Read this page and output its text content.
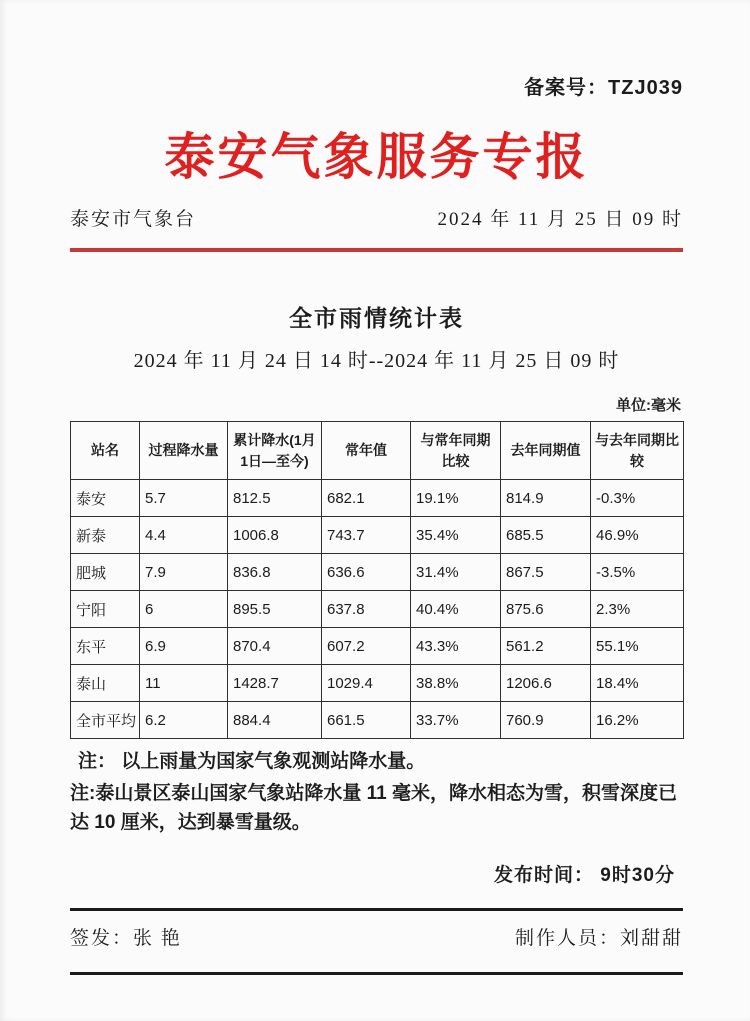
备案号：TZJ039
泰安气象服务专报
泰安市气象台	2024 年 11 月 25 日 09 时
全市雨情统计表
2024 年 11 月 24 日 14 时--2024 年 11 月 25 日 09 时
单位:毫米
站名	过程降水量	累计降水(1月1日—至今)	常年值	与常年同期比较	去年同期值	与去年同期比较
泰安	5.7	812.5	682.1	19.1%	814.9	-0.3%
新泰	4.4	1006.8	743.7	35.4%	685.5	46.9%
肥城	7.9	836.8	636.6	31.4%	867.5	-3.5%
宁阳	6	895.5	637.8	40.4%	875.6	2.3%
东平	6.9	870.4	607.2	43.3%	561.2	55.1%
泰山	11	1428.7	1029.4	38.8%	1206.6	18.4%
全市平均	6.2	884.4	661.5	33.7%	760.9	16.2%
注： 以上雨量为国家气象观测站降水量。
注:泰山景区泰山国家气象站降水量 11 毫米，降水相态为雪，积雪深度已达 10 厘米，达到暴雪量级。
发布时间： 9时30分
签发：张 艳	制作人员：刘甜甜
